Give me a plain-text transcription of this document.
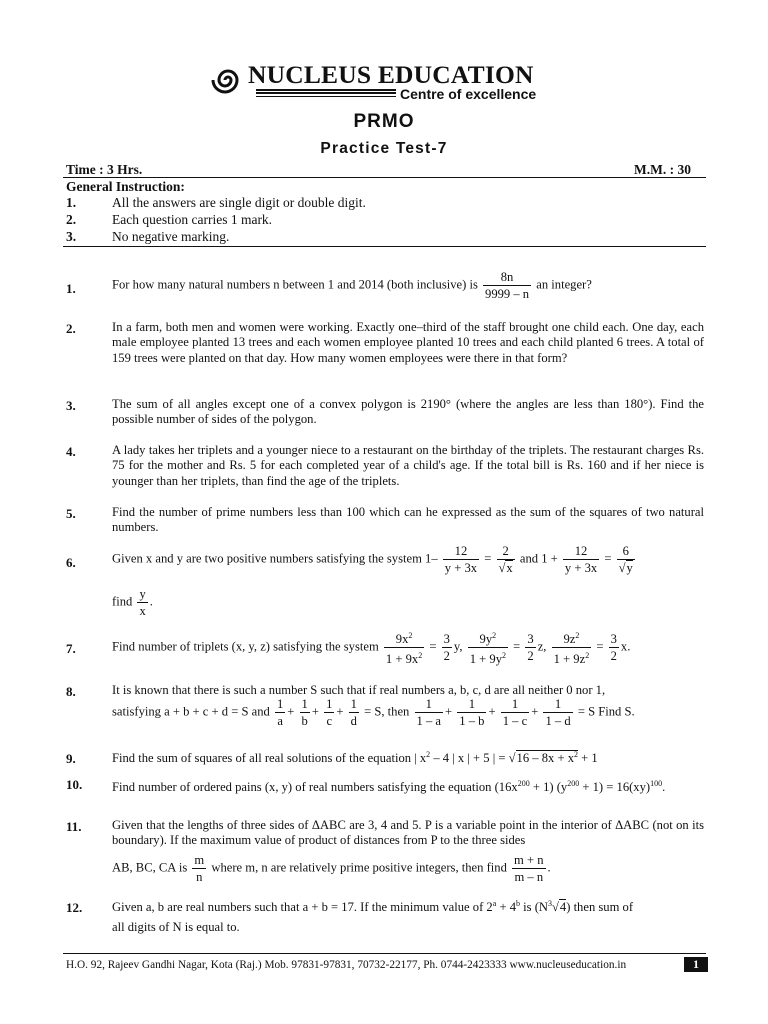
NUCLEUS EDUCATION
Centre of excellence
PRMO
Practice Test-7
Time : 3 Hrs.	M.M. : 30
General Instruction:
1.	All the answers are single digit or double digit.
2.	Each question carries 1 mark.
3.	No negative marking.
1.	For how many natural numbers n between 1 and 2014 (both inclusive) is $\frac{8n}{9999 - n}$ an integer?
2.	In a farm, both men and women were working. Exactly one–third of the staff brought one child each. One day, each male employee planted 13 trees and each women employee planted 10 trees and each child planted 6 trees. A total of 159 trees were planted on that day. How many women employees were there in that form?
3.	The sum of all angles except one of a convex polygon is 2190° (where the angles are less than 180°). Find the possible number of sides of the polygon.
4.	A lady takes her triplets and a younger niece to a restaurant on the birthday of the triplets. The restaurant charges Rs. 75 for the mother and Rs. 5 for each completed year of a child's age. If the total bill is Rs. 160 and if her niece is younger than her triplets, than find the age of the triplets.
5.	Find the number of prime numbers less than 100 which can he expressed as the sum of the squares of two natural numbers.
6.	Given x and y are two positive numbers satisfying the system $1- \frac{12}{y + 3x} = \frac{2}{√x}$ and $1 + \frac{12}{y + 3x} = \frac{6}{√y}$
find $\frac{y}{x}$ .
7.	Find number of triplets (x, y, z) satisfying the system $\frac{9x^2}{1 + 9x^2} = \frac{3}{2} y$, $\frac{9y^2}{1 + 9y^2} = \frac{3}{2} z$, $\frac{9z^2}{1 + 9z^2} = \frac{3}{2} x$.
8.	It is known that there is such a number S such that if real numbers a, b, c, d are all neither 0 nor 1,
satisfying a + b + c + d = S and $\frac{1}{a} + \frac{1}{b} + \frac{1}{c} + \frac{1}{d} = S$, then $\frac{1}{1 - a} + \frac{1}{1 - b} + \frac{1}{1 - c} + \frac{1}{1 - d} = S$ Find S.
9.	Find the sum of squares of all real solutions of the equation | $x^2 - 4$ | x | + 5 | = $√16 - 8x + x^2 + 1$
10. Find number of ordered pains (x, y) of real numbers satisfying the equation $(16x^{200} + 1) (y^{200} + 1) = 16(xy)^{100}$.
11. Given that the lengths of three sides of ΔABC are 3, 4 and 5. P is a variable point in the interior of ΔABC (not on its boundary). If the maximum value of product of distances from P to the three sides
AB, BC, CA is $\frac{m}{n}$ where m, n are relatively prime positive integers, then find $\frac{m + n}{m - n}$ .
12. Given a, b are real numbers such that a + b = 17. If the minimum value of $2^a + 4^b$ is $(N^3√4)$ then sum of
all digits of N is equal to.
H.O. 92, Rajeev Gandhi Nagar, Kota (Raj.) Mob. 97831-97831, 70732-22177, Ph. 0744-2423333 www.nucleuseducation.in	1
